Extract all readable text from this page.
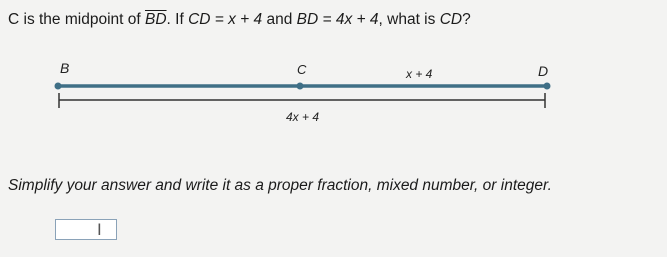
C is the midpoint of $\overline{BD}$. If CD = x + 4 and BD = 4x + 4, what is CD?
B	C	x + 4	D
4x + 4
Simplify your answer and write it as a proper fraction, mixed number, or integer.
I
